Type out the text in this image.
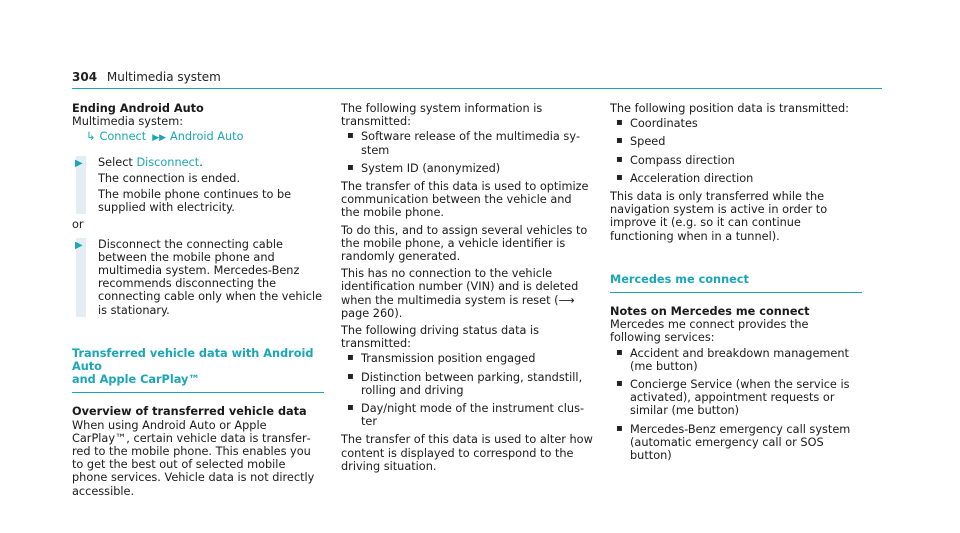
304 Multimedia system

Ending Android Auto

Multimedia system:

↳ Connect ▶▶ Android Auto
▶ Select Disconnect.

The connection is ended.

The mobile phone continues to be supplied with electricity.

or

▶ Disconnect the connecting cable between the mobile phone and multimedia system. Mercedes-Benz recommends disconnecting the connecting cable only when the vehicle is stationary.

Transferred vehicle data with Android Auto
and Apple CarPlay™

Overview of transferred vehicle data

When using Android Auto or Apple CarPlay™, certain vehicle data is transferred to the mobile phone. This enables you to get the best out of selected mobile phone services. Vehicle data is not directly accessible.

The following system information is transmitted:

▪ Software release of the multimedia system
▪ System ID (anonymized)

The transfer of this data is used to optimize communication between the vehicle and the mobile phone.

To do this, and to assign several vehicles to the mobile phone, a vehicle identifier is randomly generated.

This has no connection to the vehicle identification number (VIN) and is deleted when the multimedia system is reset (⟶ page 260).

The following driving status data is transmitted:

▪ Transmission position engaged
▪ Distinction between parking, standstill, rolling and driving
▪ Day/night mode of the instrument cluster

The transfer of this data is used to alter how content is displayed to correspond to the driving situation.

The following position data is transmitted:

▪ Coordinates
▪ Speed
▪ Compass direction
▪ Acceleration direction

This data is only transferred while the navigation system is active in order to improve it (e.g. so it can continue functioning when in a tunnel).

Mercedes me connect

Notes on Mercedes me connect

Mercedes me connect provides the following services:

▪ Accident and breakdown management (me button)
▪ Concierge Service (when the service is activated), appointment requests or similar (me button)
▪ Mercedes-Benz emergency call system (automatic emergency call or SOS button)
